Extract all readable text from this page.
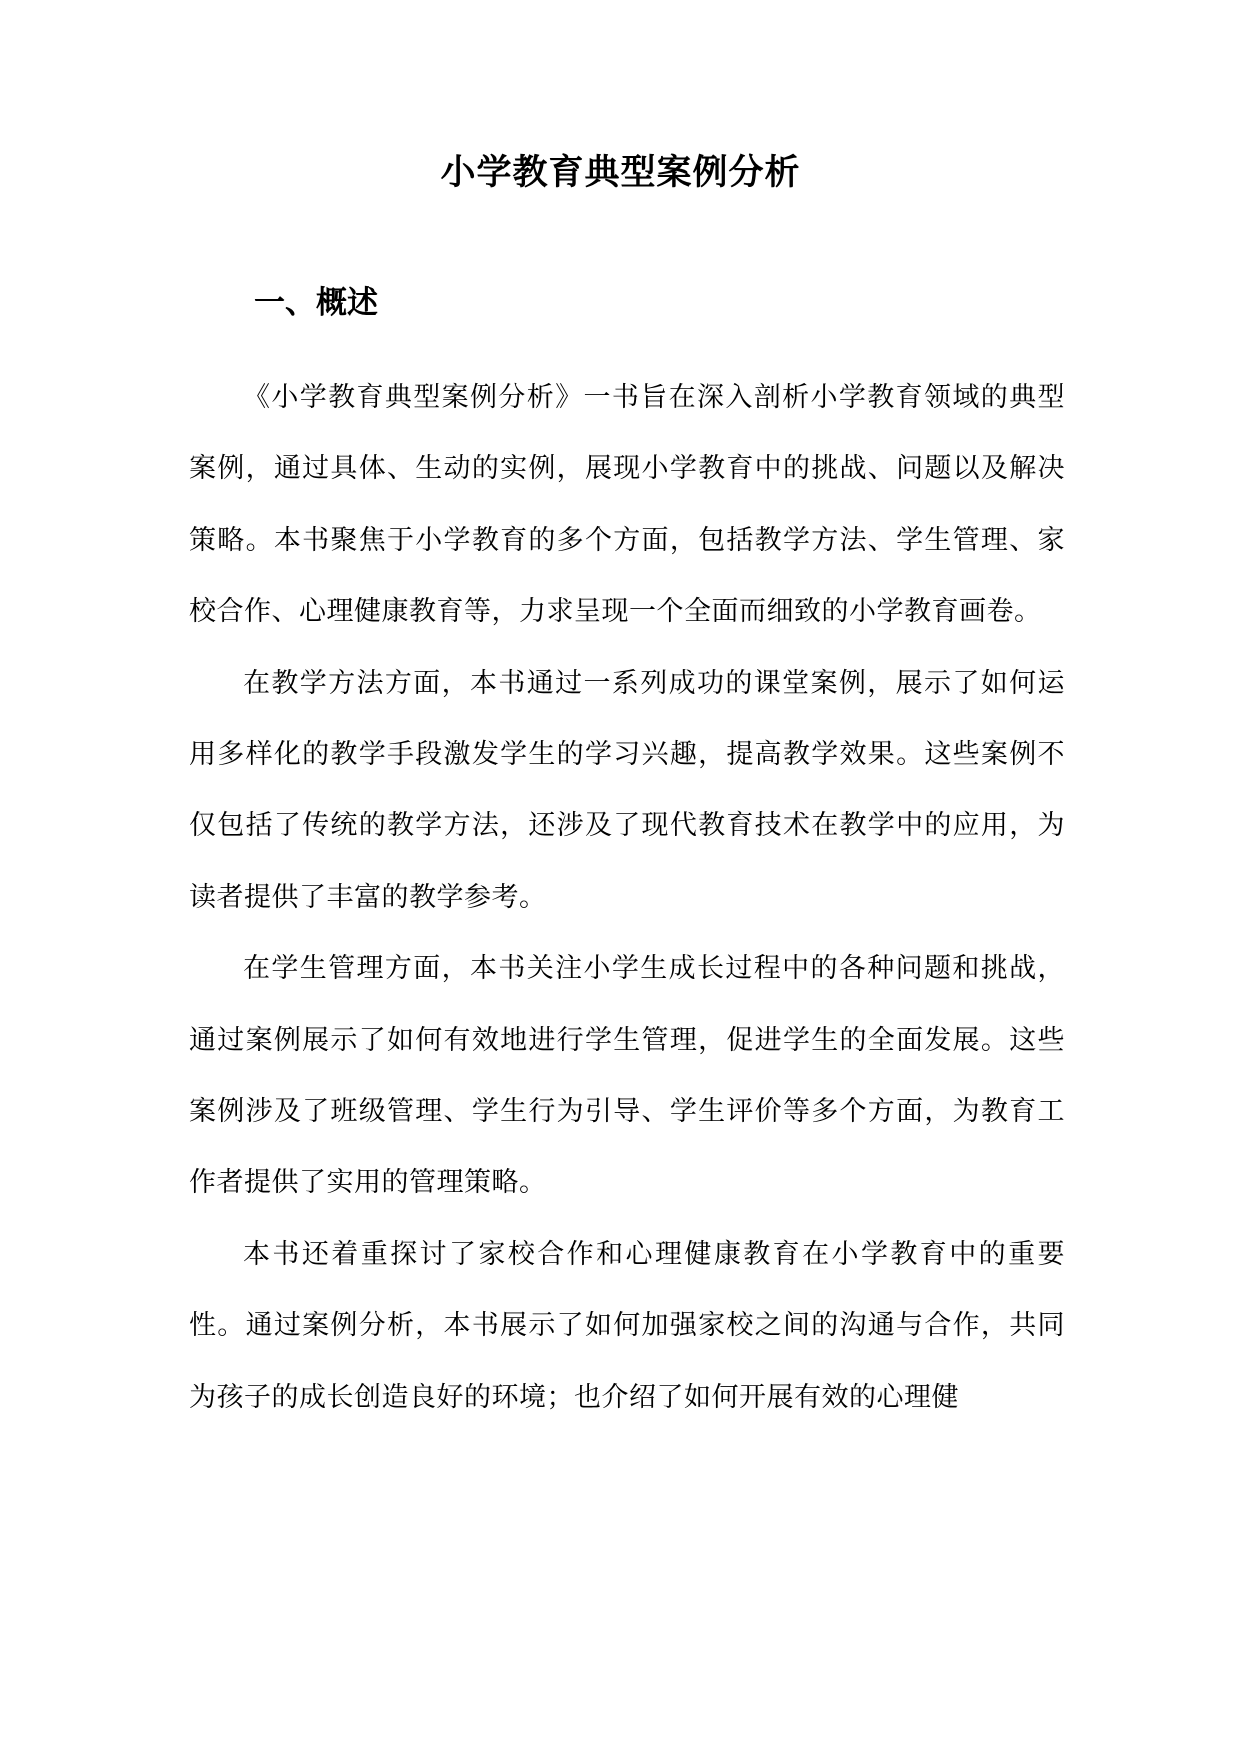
小学教育典型案例分析
一、概述

《小学教育典型案例分析》一书旨在深入剖析小学教育领域的典型案例，通过具体、生动的实例，展现小学教育中的挑战、问题以及解决策略。本书聚焦于小学教育的多个方面，包括教学方法、学生管理、家校合作、心理健康教育等，力求呈现一个全面而细致的小学教育画卷。

在教学方法方面，本书通过一系列成功的课堂案例，展示了如何运用多样化的教学手段激发学生的学习兴趣，提高教学效果。这些案例不仅包括了传统的教学方法，还涉及了现代教育技术在教学中的应用，为读者提供了丰富的教学参考。

在学生管理方面，本书关注小学生成长过程中的各种问题和挑战，通过案例展示了如何有效地进行学生管理，促进学生的全面发展。这些案例涉及了班级管理、学生行为引导、学生评价等多个方面，为教育工作者提供了实用的管理策略。

本书还着重探讨了家校合作和心理健康教育在小学教育中的重要性。通过案例分析，本书展示了如何加强家校之间的沟通与合作，共同为孩子的成长创造良好的环境；也介绍了如何开展有效的心理健
